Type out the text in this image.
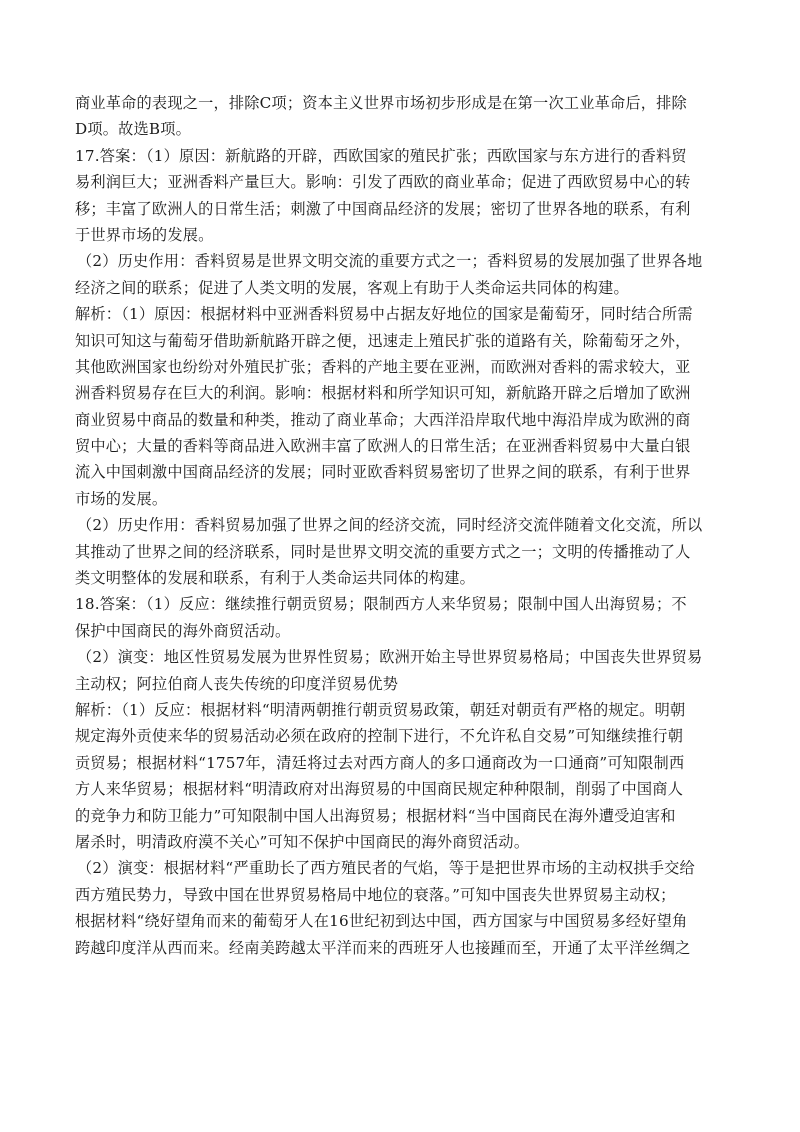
商业革命的表现之一，排除C项；资本主义世界市场初步形成是在第一次工业革命后，排除
D项。故选B项。
17.答案：（1）原因：新航路的开辟，西欧国家的殖民扩张；西欧国家与东方进行的香料贸
易利润巨大；亚洲香料产量巨大。影响：引发了西欧的商业革命；促进了西欧贸易中心的转
移；丰富了欧洲人的日常生活；刺激了中国商品经济的发展；密切了世界各地的联系，有利
于世界市场的发展。
（2）历史作用：香料贸易是世界文明交流的重要方式之一；香料贸易的发展加强了世界各地
经济之间的联系；促进了人类文明的发展，客观上有助于人类命运共同体的构建。
解析：（1）原因：根据材料中亚洲香料贸易中占据友好地位的国家是葡萄牙，同时结合所需
知识可知这与葡萄牙借助新航路开辟之便，迅速走上殖民扩张的道路有关，除葡萄牙之外，
其他欧洲国家也纷纷对外殖民扩张；香料的产地主要在亚洲，而欧洲对香料的需求较大，亚
洲香料贸易存在巨大的利润。影响：根据材料和所学知识可知，新航路开辟之后增加了欧洲
商业贸易中商品的数量和种类，推动了商业革命；大西洋沿岸取代地中海沿岸成为欧洲的商
贸中心；大量的香料等商品进入欧洲丰富了欧洲人的日常生活；在亚洲香料贸易中大量白银
流入中国刺激中国商品经济的发展；同时亚欧香料贸易密切了世界之间的联系，有利于世界
市场的发展。
（2）历史作用：香料贸易加强了世界之间的经济交流，同时经济交流伴随着文化交流，所以
其推动了世界之间的经济联系，同时是世界文明交流的重要方式之一；文明的传播推动了人
类文明整体的发展和联系，有利于人类命运共同体的构建。
18.答案：（1）反应：继续推行朝贡贸易；限制西方人来华贸易；限制中国人出海贸易；不
保护中国商民的海外商贸活动。
（2）演变：地区性贸易发展为世界性贸易；欧洲开始主导世界贸易格局；中国丧失世界贸易
主动权；阿拉伯商人丧失传统的印度洋贸易优势
解析：（1）反应：根据材料“明清两朝推行朝贡贸易政策，朝廷对朝贡有严格的规定。明朝
规定海外贡使来华的贸易活动必须在政府的控制下进行，不允许私自交易”可知继续推行朝
贡贸易；根据材料“1757年，清廷将过去对西方商人的多口通商改为一口通商”可知限制西
方人来华贸易；根据材料“明清政府对出海贸易的中国商民规定种种限制，削弱了中国商人
的竞争力和防卫能力”可知限制中国人出海贸易；根据材料“当中国商民在海外遭受迫害和
屠杀时，明清政府漠不关心”可知不保护中国商民的海外商贸活动。
（2）演变：根据材料“严重助长了西方殖民者的气焰，等于是把世界市场的主动权拱手交给
西方殖民势力，导致中国在世界贸易格局中地位的衰落。”可知中国丧失世界贸易主动权；
根据材料“绕好望角而来的葡萄牙人在16世纪初到达中国，西方国家与中国贸易多经好望角
跨越印度洋从西而来。经南美跨越太平洋而来的西班牙人也接踵而至，开通了太平洋丝绸之
